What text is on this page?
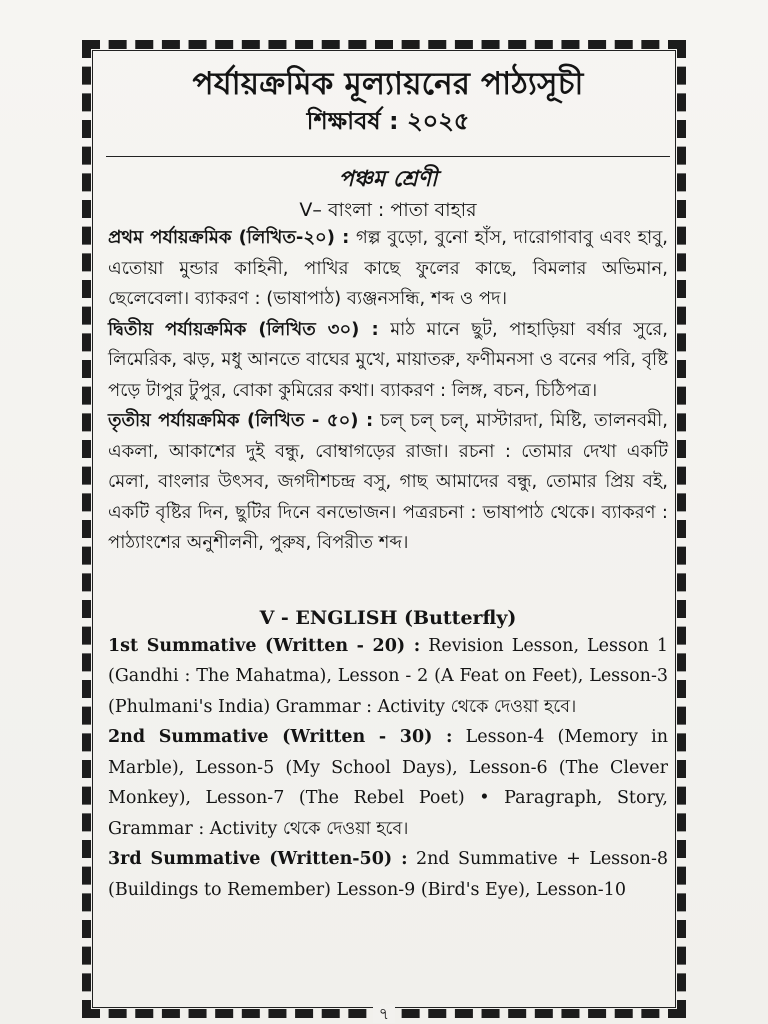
পর্যায়ক্রমিক মূল্যায়নের পাঠ্যসূচী
শিক্ষাবর্ষ : ২০২৫
পঞ্চম শ্রেণী
V– বাংলা : পাতা বাহার

প্রথম পর্যায়ক্রমিক (লিখিত-২০) : গল্প বুড়ো, বুনো হাঁস, দারোগাবাবু এবং হাবু, এতোয়া মুন্ডার কাহিনী, পাখির কাছে ফুলের কাছে, বিমলার অভিমান, ছেলেবেলা। ব্যাকরণ : (ভাষাপাঠ) ব্যঞ্জনসন্ধি, শব্দ ও পদ।

দ্বিতীয় পর্যায়ক্রমিক (লিখিত ৩০) : মাঠ মানে ছুট, পাহাড়িয়া বর্ষার সুরে, লিমেরিক, ঝড়, মধু আনতে বাঘের মুখে, মায়াতরু, ফণীমনসা ও বনের পরি, বৃষ্টি পড়ে টাপুর টুপুর, বোকা কুমিরের কথা। ব্যাকরণ : লিঙ্গ, বচন, চিঠিপত্র।

তৃতীয় পর্যায়ক্রমিক (লিখিত - ৫০) : চল্ চল্ চল্, মাস্টারদা, মিষ্টি, তালনবমী, একলা, আকাশের দুই বন্ধু, বোম্বাগড়ের রাজা। রচনা : তোমার দেখা একটি মেলা, বাংলার উৎসব, জগদীশচন্দ্র বসু, গাছ আমাদের বন্ধু, তোমার প্রিয় বই, একটি বৃষ্টির দিন, ছুটির দিনে বনভোজন। পত্ররচনা : ভাষাপাঠ থেকে। ব্যাকরণ : পাঠ্যাংশের অনুশীলনী, পুরুষ, বিপরীত শব্দ।

V - ENGLISH (Butterfly)

1st Summative (Written - 20) : Revision Lesson, Lesson 1 (Gandhi : The Mahatma), Lesson - 2 (A Feat on Feet), Lesson-3 (Phulmani's India) Grammar : Activity থেকে দেওয়া হবে।

2nd Summative (Written - 30) : Lesson-4 (Memory in Marble), Lesson-5 (My School Days), Lesson-6 (The Clever Monkey), Lesson-7 (The Rebel Poet) • Paragraph, Story, Grammar : Activity থেকে দেওয়া হবে।

3rd Summative (Written-50) : 2nd Summative + Lesson-8 (Buildings to Remember) Lesson-9 (Bird's Eye), Lesson-10

৭
